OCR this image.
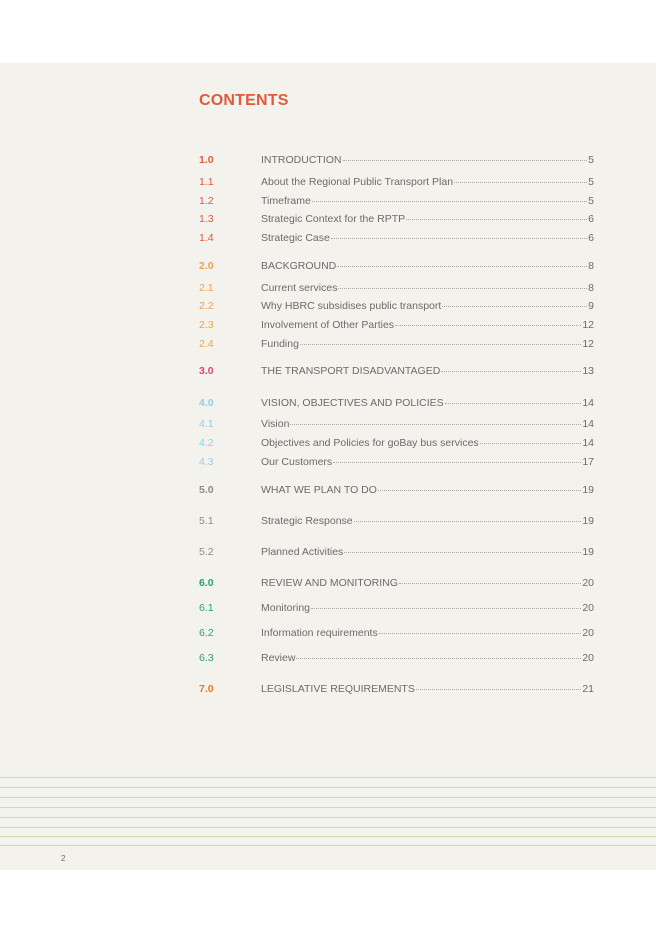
CONTENTS
1.0	INTRODUCTION	5
1.1	About the Regional Public Transport Plan	5
1.2	Timeframe	5
1.3	Strategic Context for the RPTP	6
1.4	Strategic Case	6
2.0	BACKGROUND	8
2.1	Current services	8
2.2	Why HBRC subsidises public transport	9
2.3	Involvement of Other Parties	12
2.4	Funding	12
3.0	THE TRANSPORT DISADVANTAGED	13
4.0	VISION, OBJECTIVES AND POLICIES	14
4.1	Vision	14
4.2	Objectives and Policies for goBay bus services	14
4.3	Our Customers	17
5.0	WHAT WE PLAN TO DO	19
5.1	Strategic Response	19
5.2	Planned Activities	19
6.0	REVIEW AND MONITORING	20
6.1	Monitoring	20
6.2	Information requirements	20
6.3	Review	20
7.0	LEGISLATIVE REQUIREMENTS	21
2
